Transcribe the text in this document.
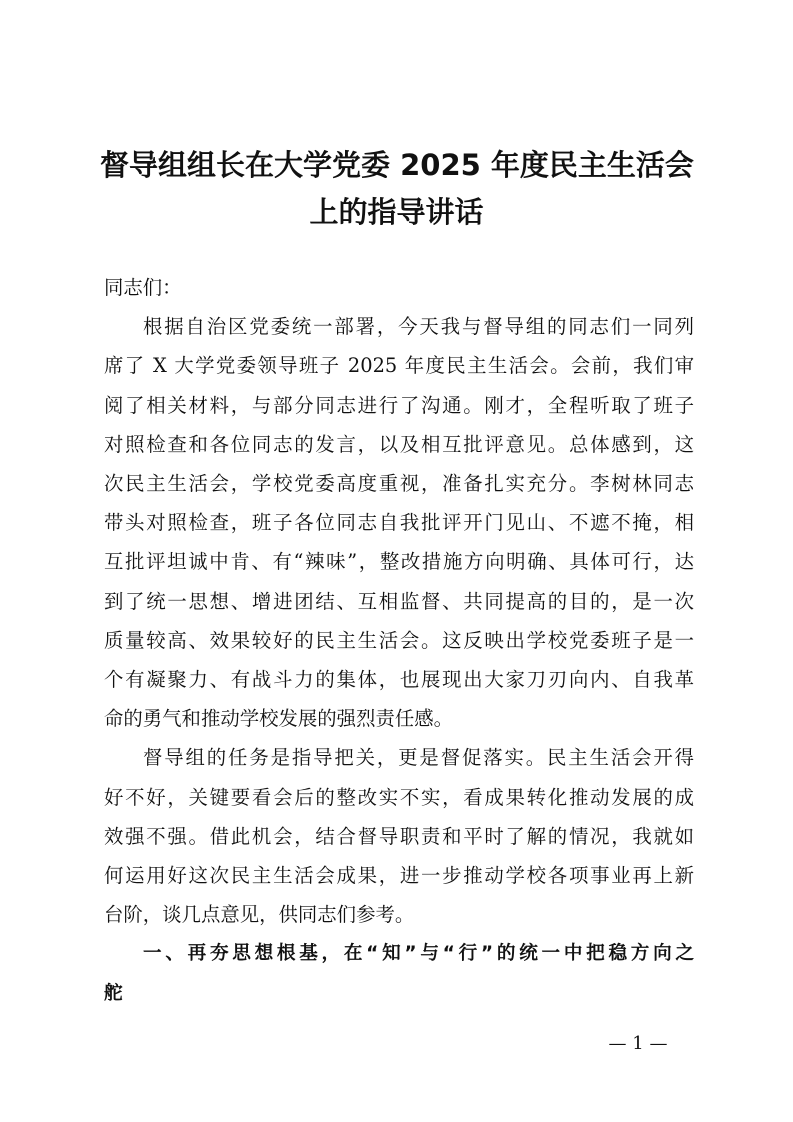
督导组组长在大学党委 2025 年度民主生活会
上的指导讲话
同志们：
根据自治区党委统一部署，今天我与督导组的同志们一同列
席了 X 大学党委领导班子 2025 年度民主生活会。会前，我们审
阅了相关材料，与部分同志进行了沟通。刚才，全程听取了班子
对照检查和各位同志的发言，以及相互批评意见。总体感到，这
次民主生活会，学校党委高度重视，准备扎实充分。李树林同志
带头对照检查，班子各位同志自我批评开门见山、不遮不掩，相
互批评坦诚中肯、有“辣味”，整改措施方向明确、具体可行，达
到了统一思想、增进团结、互相监督、共同提高的目的，是一次
质量较高、效果较好的民主生活会。这反映出学校党委班子是一
个有凝聚力、有战斗力的集体，也展现出大家刀刃向内、自我革
命的勇气和推动学校发展的强烈责任感。
督导组的任务是指导把关，更是督促落实。民主生活会开得
好不好，关键要看会后的整改实不实，看成果转化推动发展的成
效强不强。借此机会，结合督导职责和平时了解的情况，我就如
何运用好这次民主生活会成果，进一步推动学校各项事业再上新
台阶，谈几点意见，供同志们参考。
一、再夯思想根基，在“知”与“行”的统一中把稳方向之
舵
— 1 —
